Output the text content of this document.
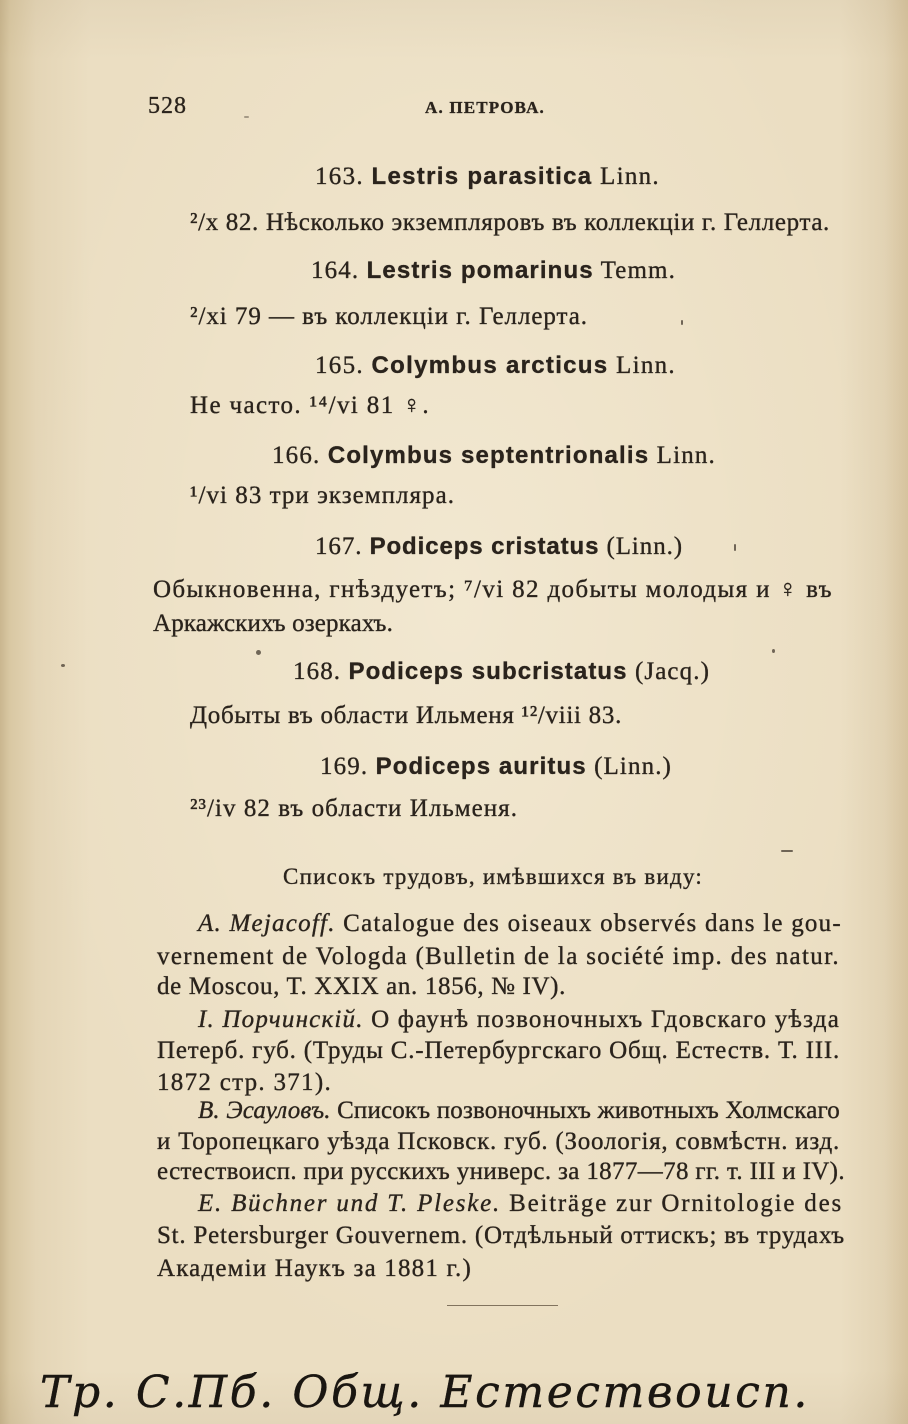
528	А. ПЕТРОВА.
163. Lestris parasitica Linn.
²/x 82. Нѣсколько экземпляровъ въ коллекціи г. Геллерта.
164. Lestris pomarinus Temm.
²/xi 79 — въ коллекціи г. Геллерта.
165. Colymbus arcticus Linn.
Не часто. ¹⁴/vi 81 ♀.
166. Colymbus septentrionalis Linn.
¹/vi 83 три экземпляра.
167. Podiceps cristatus (Linn.)
Обыкновенна, гнѣздуетъ; ⁷/vi 82 добыты молодыя и ♀ въ
Аркажскихъ озеркахъ.
168. Podiceps subcristatus (Jacq.)
Добыты въ области Ильменя ¹²/viii 83.
169. Podiceps auritus (Linn.)
²³/iv 82 въ области Ильменя.
Списокъ трудовъ, имѣвшихся въ виду:
A. Mejacoff. Catalogue des oiseaux observés dans le gou-
vernement de Vologda (Bulletin de la société imp. des natur.
de Moscou, T. XXIX an. 1856, № IV).
І. Порчинскій. О фаунѣ позвоночныхъ Гдовскаго уѣзда
Петерб. губ. (Труды С.-Петербургскаго Общ. Естеств. Т. III.
1872 стр. 371).
В. Эсауловъ. Списокъ позвоночныхъ животныхъ Холмскаго
и Торопецкаго уѣзда Псковск. губ. (Зоологія, совмѣстн. изд.
естествоисп. при русскихъ универс. за 1877—78 гг. т. III и IV).
E. Büchner und T. Pleske. Beiträge zur Ornitologie des
St. Petersburger Gouvernem. (Отдѣльный оттискъ; въ трудахъ
Академіи Наукъ за 1881 г.)
Тр. С.Пб. Общ. Естествоисп.
